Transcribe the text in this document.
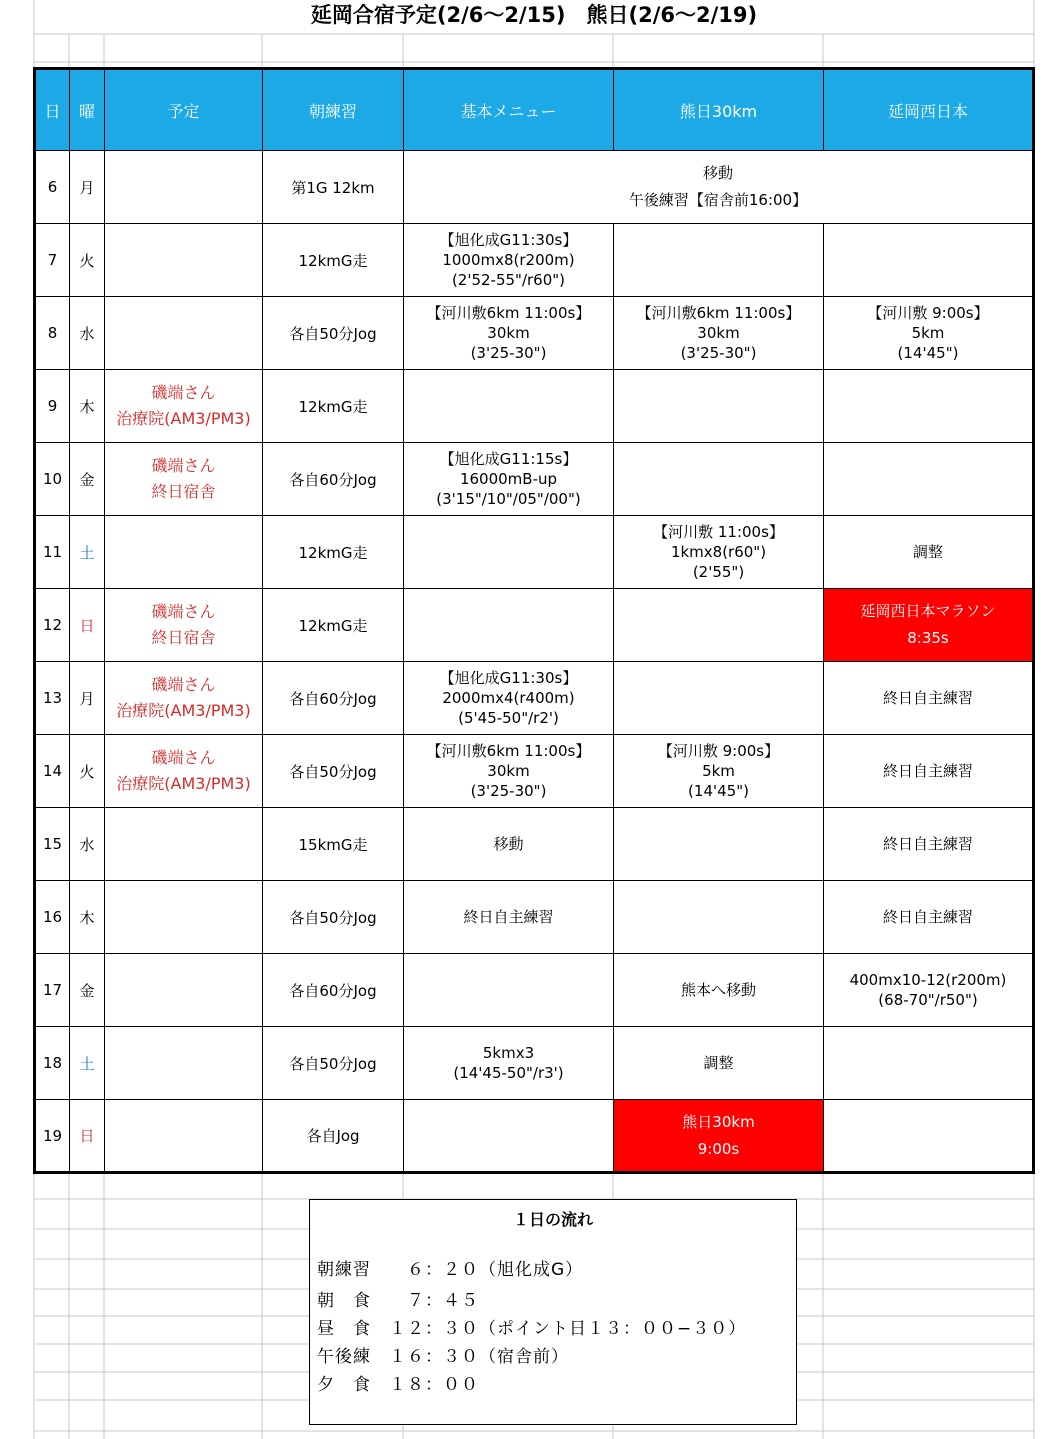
延岡合宿予定(2/6〜2/15)　熊日(2/6〜2/19)
日	曜	予定	朝練習	基本メニュー	熊日30km	延岡西日本
6	月		第1G 12km	移動
午後練習【宿舎前16:00】		

7	火		12kmG走	【旭化成G11:30s】
1000mx8(r200m)
(2'52-55"/r60")		

8	水		各自50分Jog	【河川敷6km 11:00s】
30km
(3'25-30")	【河川敷6km 11:00s】
30km
(3'25-30")	【河川敷 9:00s】
5km
(14'45")

9	木	磯端さん
治療院(AM3/PM3)	12kmG走			
10	金	磯端さん
終日宿舎	各自60分Jog	【旭化成G11:15s】
16000mB-up
(3'15"/10"/05"/00")		

11	土		12kmG走		【河川敷 11:00s】
1kmx8(r60")
(2'55")	調整

12	日	磯端さん
終日宿舎	12kmG走			延岡西日本マラソン
8:35s

13	月	磯端さん
治療院(AM3/PM3)	各自60分Jog	【旭化成G11:30s】
2000mx4(r400m)
(5'45-50"/r2')		終日自主練習

14	火	磯端さん
治療院(AM3/PM3)	各自50分Jog	【河川敷6km 11:00s】
30km
(3'25-30")	【河川敷 9:00s】
5km
(14'45")	終日自主練習

15	水		15kmG走	移動		終日自主練習

16	木		各自50分Jog	終日自主練習		終日自主練習

17	金		各自60分Jog		熊本へ移動	400mx10-12(r200m)
(68-70"/r50")

18	土		各自50分Jog	5kmx3
(14'45-50"/r3')	調整	

19	日		各自Jog		熊日30km
9:00s	

１日の流れ
朝練習　　６：２０（旭化成G）
朝　食　　７：４５
昼　食　１２：３０（ポイント日１３：００−３０）
午後練　１６：３０（宿舎前）
夕　食　１８：００
